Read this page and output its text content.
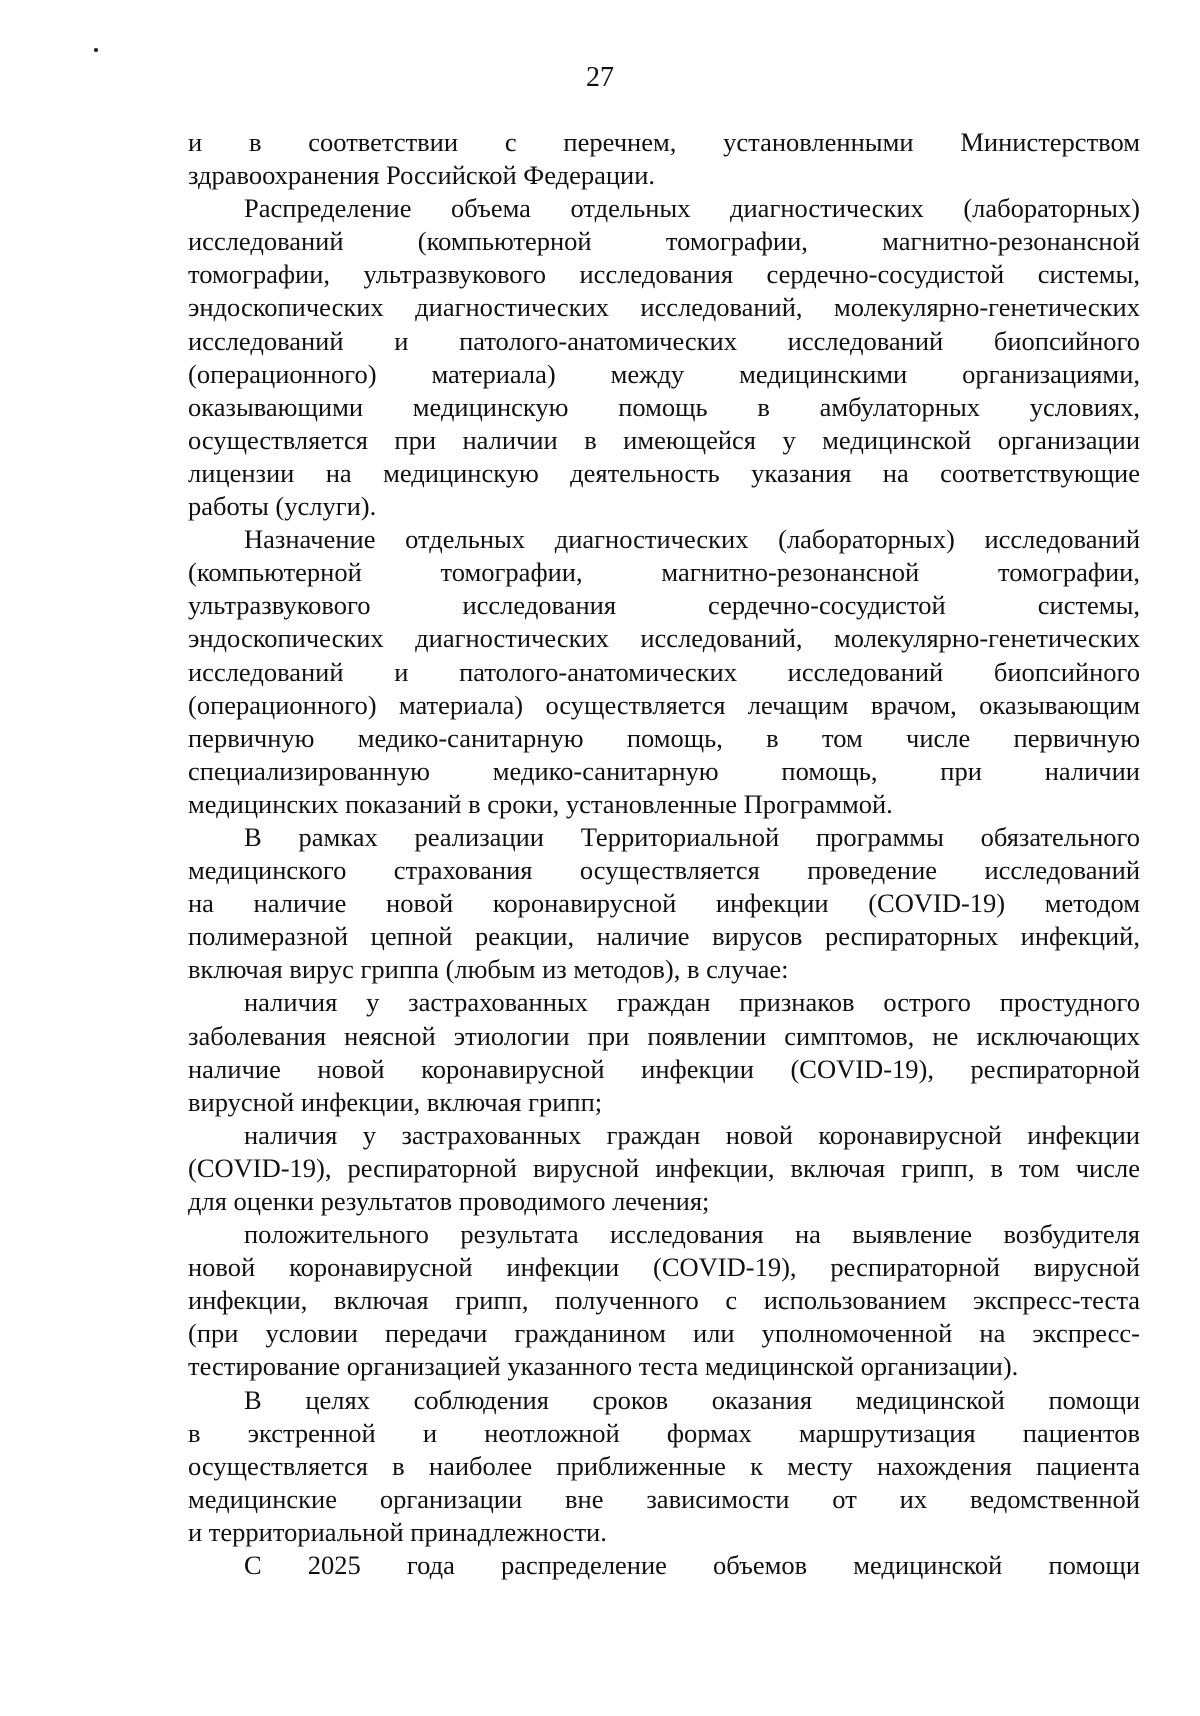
27
и в соответствии с перечнем, установленными Министерством
здравоохранения Российской Федерации.
Распределение объема отдельных диагностических (лабораторных)
исследований (компьютерной томографии, магнитно-резонансной
томографии, ультразвукового исследования сердечно-сосудистой системы,
эндоскопических диагностических исследований, молекулярно-генетических
исследований и патолого-анатомических исследований биопсийного
(операционного) материала) между медицинскими организациями,
оказывающими медицинскую помощь в амбулаторных условиях,
осуществляется при наличии в имеющейся у медицинской организации
лицензии на медицинскую деятельность указания на соответствующие
работы (услуги).
Назначение отдельных диагностических (лабораторных) исследований
(компьютерной томографии, магнитно-резонансной томографии,
ультразвукового исследования сердечно-сосудистой системы,
эндоскопических диагностических исследований, молекулярно-генетических
исследований и патолого-анатомических исследований биопсийного
(операционного) материала) осуществляется лечащим врачом, оказывающим
первичную медико-санитарную помощь, в том числе первичную
специализированную медико-санитарную помощь, при наличии
медицинских показаний в сроки, установленные Программой.
В рамках реализации Территориальной программы обязательного
медицинского страхования осуществляется проведение исследований
на наличие новой коронавирусной инфекции (COVID-19) методом
полимеразной цепной реакции, наличие вирусов респираторных инфекций,
включая вирус гриппа (любым из методов), в случае:
наличия у застрахованных граждан признаков острого простудного
заболевания неясной этиологии при появлении симптомов, не исключающих
наличие новой коронавирусной инфекции (COVID-19), респираторной
вирусной инфекции, включая грипп;
наличия у застрахованных граждан новой коронавирусной инфекции
(COVID-19), респираторной вирусной инфекции, включая грипп, в том числе
для оценки результатов проводимого лечения;
положительного результата исследования на выявление возбудителя
новой коронавирусной инфекции (COVID-19), респираторной вирусной
инфекции, включая грипп, полученного с использованием экспресс-теста
(при условии передачи гражданином или уполномоченной на экспресс-
тестирование организацией указанного теста медицинской организации).
В целях соблюдения сроков оказания медицинской помощи
в экстренной и неотложной формах маршрутизация пациентов
осуществляется в наиболее приближенные к месту нахождения пациента
медицинские организации вне зависимости от их ведомственной
и территориальной принадлежности.
С 2025 года распределение объемов медицинской помощи
